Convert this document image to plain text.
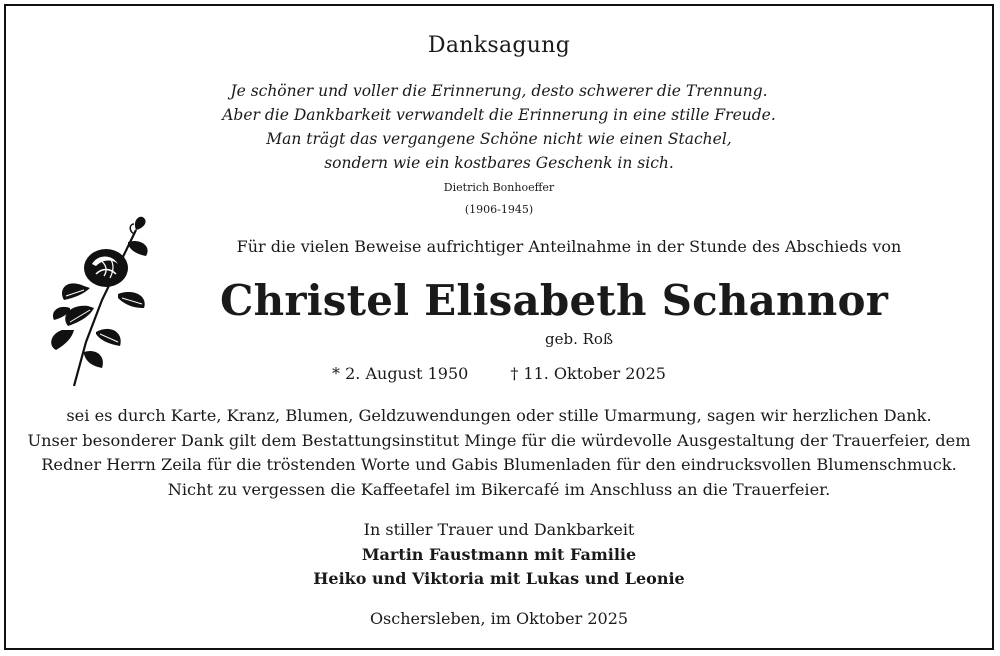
Danksagung
Je schöner und voller die Erinnerung, desto schwerer die Trennung.
Aber die Dankbarkeit verwandelt die Erinnerung in eine stille Freude.
Man trägt das vergangene Schöne nicht wie einen Stachel,
sondern wie ein kostbares Geschenk in sich.
Dietrich Bonhoeffer
(1906-1945)
Für die vielen Beweise aufrichtiger Anteilnahme in der Stunde des Abschieds von
Christel Elisabeth Schannor
geb. Roß
* 2. August 1950	† 11. Oktober 2025
sei es durch Karte, Kranz, Blumen, Geldzuwendungen oder stille Umarmung, sagen wir herzlichen Dank.
Unser besonderer Dank gilt dem Bestattungsinstitut Minge für die würdevolle Ausgestaltung der Trauerfeier, dem
Redner Herrn Zeila für die tröstenden Worte und Gabis Blumenladen für den eindrucksvollen Blumenschmuck.
Nicht zu vergessen die Kaffeetafel im Bikercafé im Anschluss an die Trauerfeier.
In stiller Trauer und Dankbarkeit
Martin Faustmann mit Familie
Heiko und Viktoria mit Lukas und Leonie
Oschersleben, im Oktober 2025
